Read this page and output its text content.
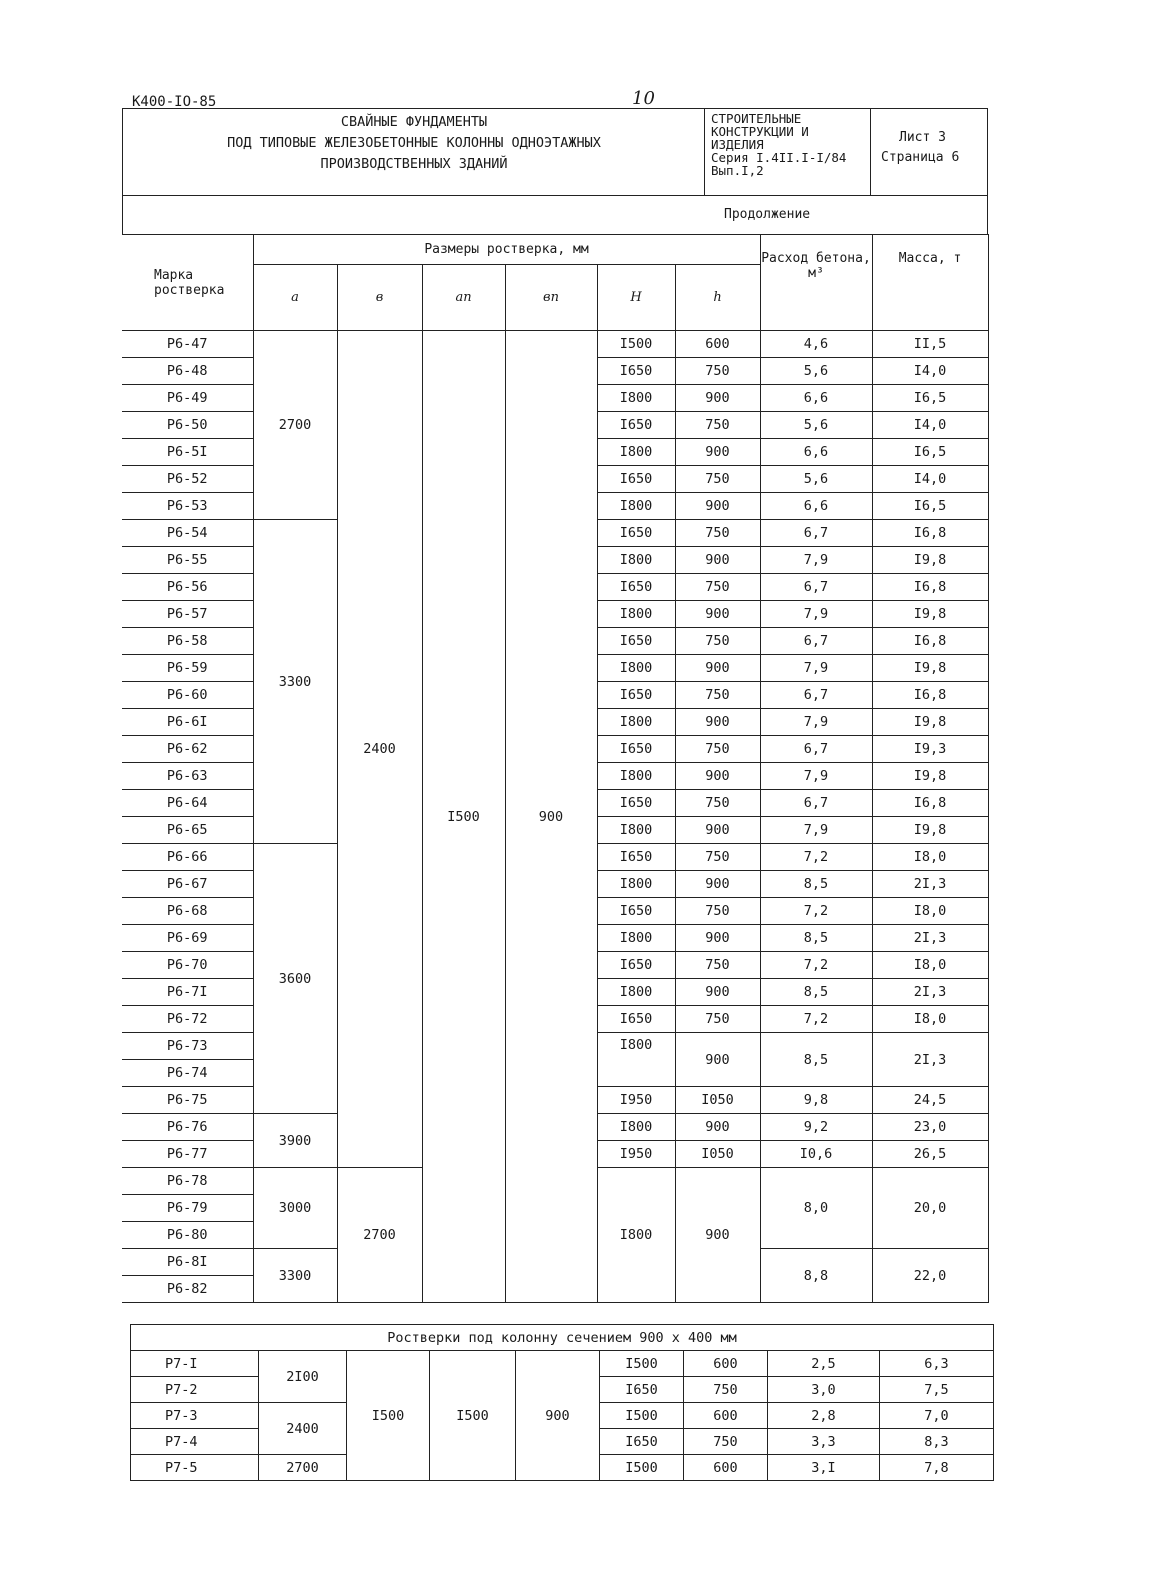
К400-IO-85	10
СВАЙНЫЕ ФУНДАМЕНТЫ
ПОД ТИПОВЫЕ ЖЕЛЕЗОБЕТОННЫЕ КОЛОННЫ ОДНОЭТАЖНЫХ
ПРОИЗВОДСТВЕННЫХ ЗДАНИЙ
СТРОИТЕЛЬНЫЕ
КОНСТРУКЦИИ И
ИЗДЕЛИЯ
Серия I.4II.I-I/84
Вып.I,2
Лист 3
Страница 6
Продолжение
Марка ростверка	Размеры ростверка, мм						Расход бетона, м³	Масса, т
	а	в	ап	вп	Н	h		
Р6-47	2700	2400	I500	900	I500	600	4,6	II,5
Р6-48					I650	750	5,6	I4,0
Р6-49					I800	900	6,6	I6,5
Р6-50					I650	750	5,6	I4,0
Р6-5I					I800	900	6,6	I6,5
Р6-52					I650	750	5,6	I4,0
Р6-53					I800	900	6,6	I6,5
Р6-54	3300				I650	750	6,7	I6,8
Р6-55					I800	900	7,9	I9,8
Р6-56					I650	750	6,7	I6,8
Р6-57					I800	900	7,9	I9,8
Р6-58					I650	750	6,7	I6,8
Р6-59					I800	900	7,9	I9,8
Р6-60					I650	750	6,7	I6,8
Р6-6I					I800	900	7,9	I9,8
Р6-62					I650	750	6,7	I9,3
Р6-63					I800	900	7,9	I9,8
Р6-64					I650	750	6,7	I6,8
Р6-65					I800	900	7,9	I9,8
Р6-66	3600				I650	750	7,2	I8,0
Р6-67					I800	900	8,5	2I,3
Р6-68					I650	750	7,2	I8,0
Р6-69					I800	900	8,5	2I,3
Р6-70					I650	750	7,2	I8,0
Р6-7I					I800	900	8,5	2I,3
Р6-72					I650	750	7,2	I8,0
Р6-73					I800	900	8,5	2I,3
Р6-74								
Р6-75					I950	I050	9,8	24,5
Р6-76	3900				I800	900	9,2	23,0
Р6-77					I950	I050	I0,6	26,5
Р6-78	3000	2700			I800	900	8,0	20,0
Р6-79								
Р6-80								
Р6-8I	3300						8,8	22,0
Р6-82								
Ростверки под колонну сечением 900 х 400 мм								
Р7-I	2I00	I500	I500	900	I500	600	2,5	6,3
Р7-2					I650	750	3,0	7,5
Р7-3	2400				I500	600	2,8	7,0
Р7-4					I650	750	3,3	8,3
Р7-5	2700				I500	600	3,I	7,8
